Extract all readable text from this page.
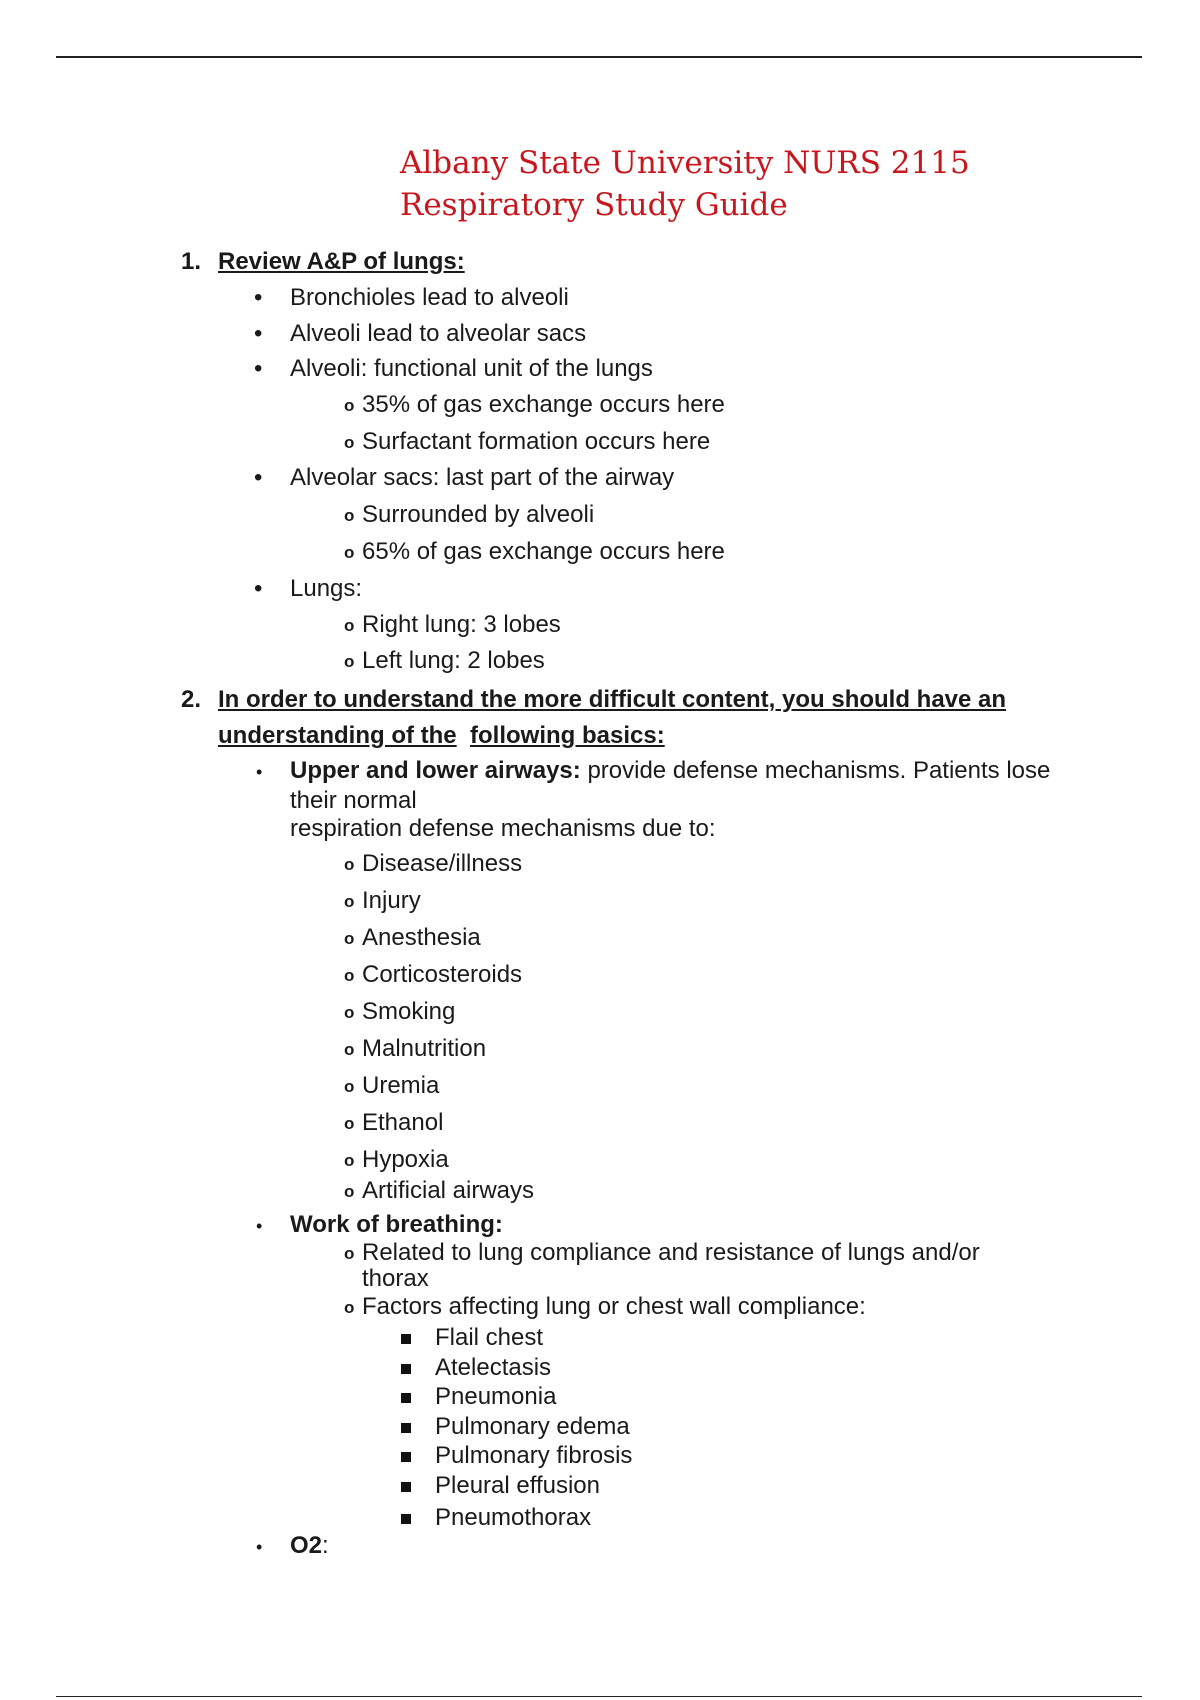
Albany State University NURS 2115
Respiratory Study Guide
1. Review A&P of lungs:
• Bronchioles lead to alveoli
• Alveoli lead to alveolar sacs
• Alveoli: functional unit of the lungs
o 35% of gas exchange occurs here
o Surfactant formation occurs here
• Alveolar sacs: last part of the airway
o Surrounded by alveoli
o 65% of gas exchange occurs here
• Lungs:
o Right lung: 3 lobes
o Left lung: 2 lobes
2. In order to understand the more difficult content, you should have an
understanding of the following basics:
• Upper and lower airways: provide defense mechanisms. Patients lose
their normal
respiration defense mechanisms due to:
o Disease/illness
o Injury
o Anesthesia
o Corticosteroids
o Smoking
o Malnutrition
o Uremia
o Ethanol
o Hypoxia
o Artificial airways
• Work of breathing:
o Related to lung compliance and resistance of lungs and/or
thorax
o Factors affecting lung or chest wall compliance:
Flail chest
Atelectasis
Pneumonia
Pulmonary edema
Pulmonary fibrosis
Pleural effusion
Pneumothorax
• O2:
